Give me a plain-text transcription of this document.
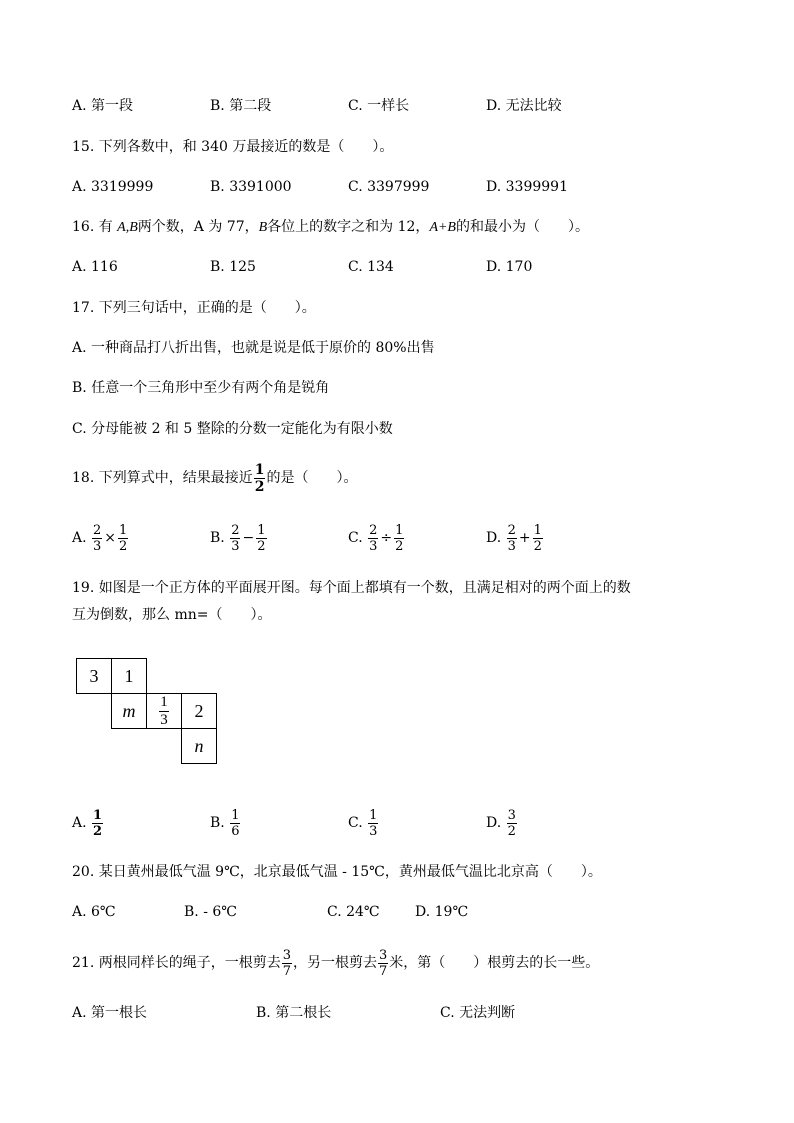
A. 第一段	B. 第二段	C. 一样长	D. 无法比较
15. 下列各数中，和 340 万最接近的数是（　　）。
A. 3319999	B. 3391000	C. 3397999	D. 3399991
16. 有 A,B两个数，A 为 77，B各位上的数字之和为 12，A+B的和最小为（　　）。
A. 116	B. 125	C. 134	D. 170
17. 下列三句话中，正确的是（　　）。
A. 一种商品打八折出售，也就是说是低于原价的 80%出售
B. 任意一个三角形中至少有两个角是锐角
C. 分母能被 2 和 5 整除的分数一定能化为有限小数
18. 下列算式中，结果最接近 $\frac{1}{2}$ 的是（　　）。
A. $\frac{2}{3} \times \frac{1}{2}$	B. $\frac{2}{3} - \frac{1}{2}$	C. $\frac{2}{3} \div \frac{1}{2}$	D. $\frac{2}{3} + \frac{1}{2}$
19. 如图是一个正方体的平面展开图。每个面上都填有一个数，且满足相对的两个面上的数
互为倒数，那么 mn=（　　）。
3	1
m	$\frac{1}{3}$	2
n
A. $\frac{1}{2}$	B. $\frac{1}{6}$	C. $\frac{1}{3}$	D. $\frac{3}{2}$
20. 某日黄州最低气温 9℃，北京最低气温 - 15℃，黄州最低气温比北京高（　　）。
A. 6℃	B. - 6℃	C. 24℃	D. 19℃
21. 两根同样长的绳子，一根剪去 $\frac{3}{7}$ ，另一根剪去 $\frac{3}{7}$ 米，第（　　）根剪去的长一些。
A. 第一根长	B. 第二根长	C. 无法判断
